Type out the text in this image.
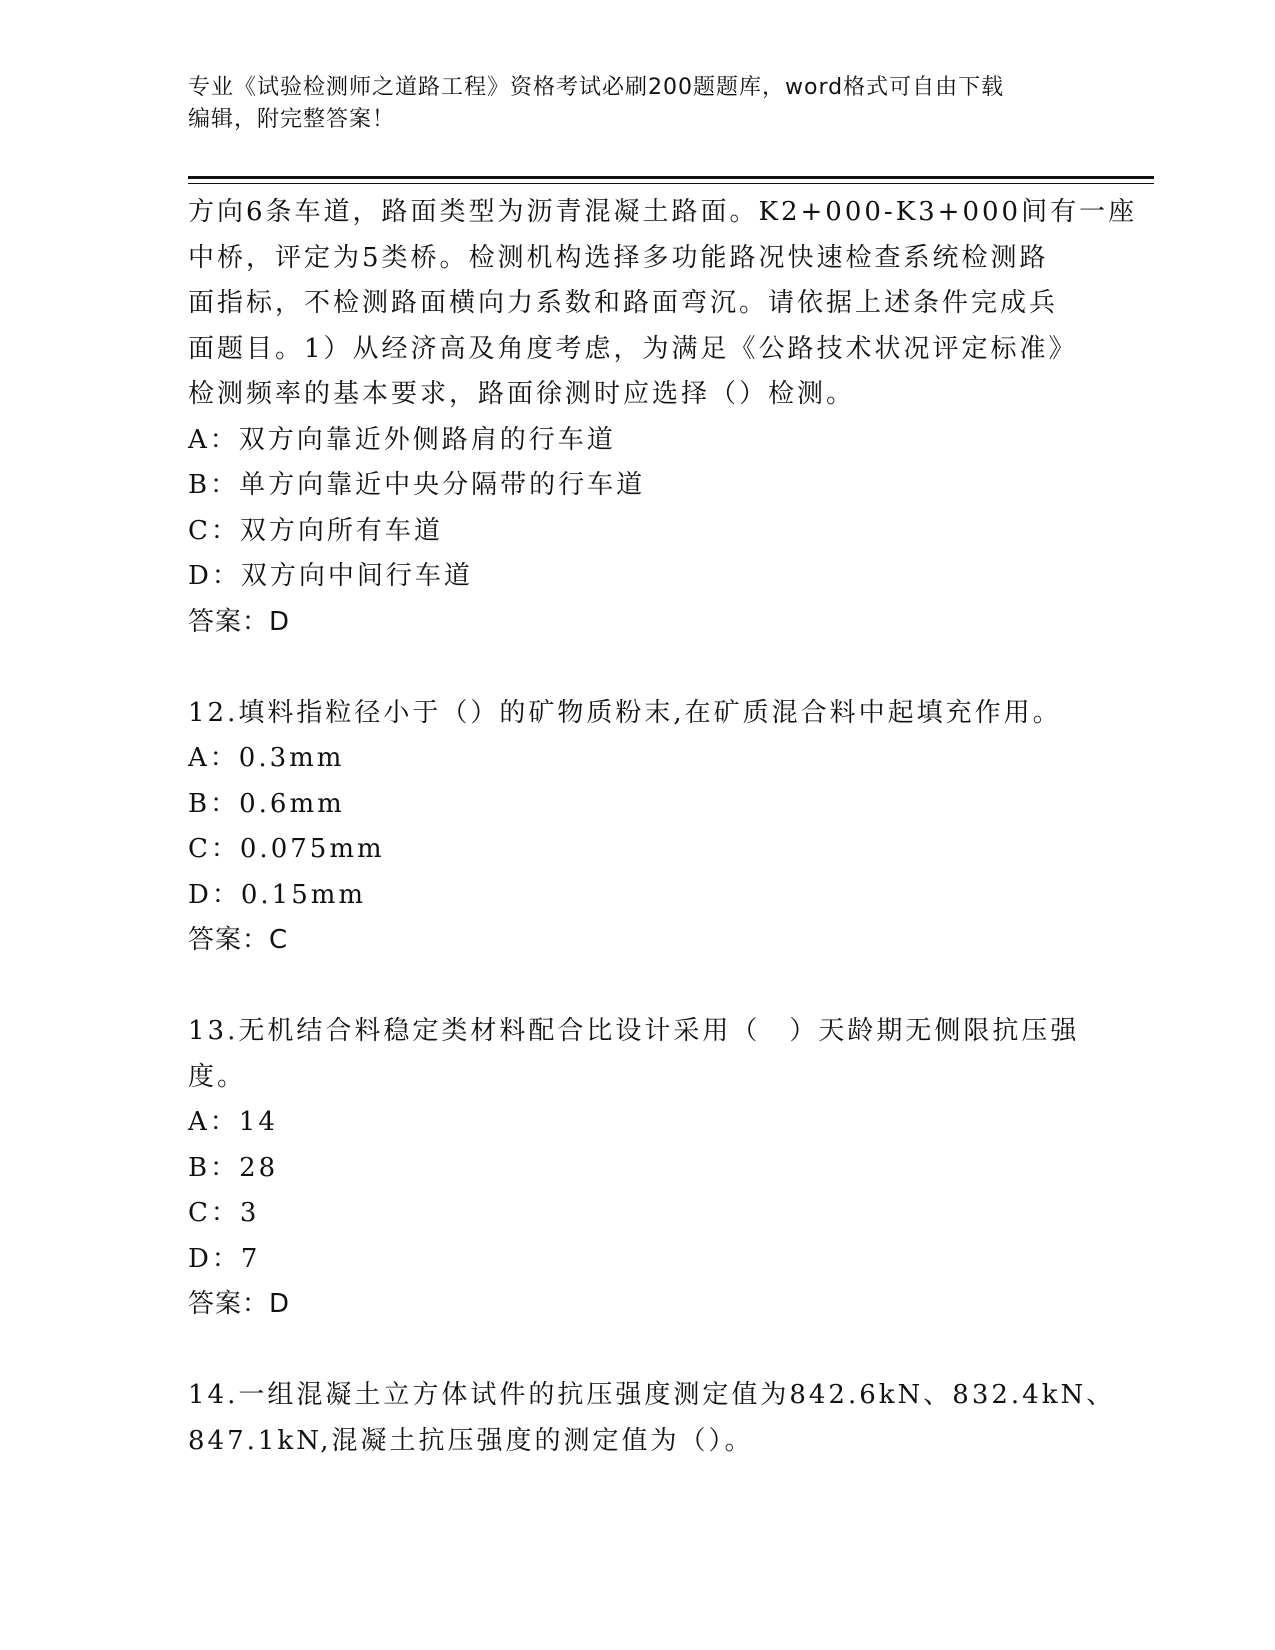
专业《试验检测师之道路工程》资格考试必刷200题题库，word格式可自由下载
编辑，附完整答案！

方向6条车道，路面类型为沥青混凝土路面。K2+000-K3+000间有一座

中桥，评定为5类桥。检测机构选择多功能路况快速检查系统检测路

面指标，不检测路面横向力系数和路面弯沉。请依据上述条件完成兵

面题目。1）从经济高及角度考虑，为满足《公路技术状况评定标准》

检测频率的基本要求，路面徐测时应选择（）检测。

A：双方向靠近外侧路肩的行车道

B：单方向靠近中央分隔带的行车道

C：双方向所有车道

D：双方向中间行车道

答案：D

12.填料指粒径小于（）的矿物质粉末,在矿质混合料中起填充作用。

A：0.3mm

B：0.6mm

C：0.075mm

D：0.15mm

答案：C

13.无机结合料稳定类材料配合比设计采用（　）天龄期无侧限抗压强

度。

A：14

B：28

C：3

D：7

答案：D

14.一组混凝土立方体试件的抗压强度测定值为842.6kN、832.4kN、

847.1kN,混凝土抗压强度的测定值为（）。
